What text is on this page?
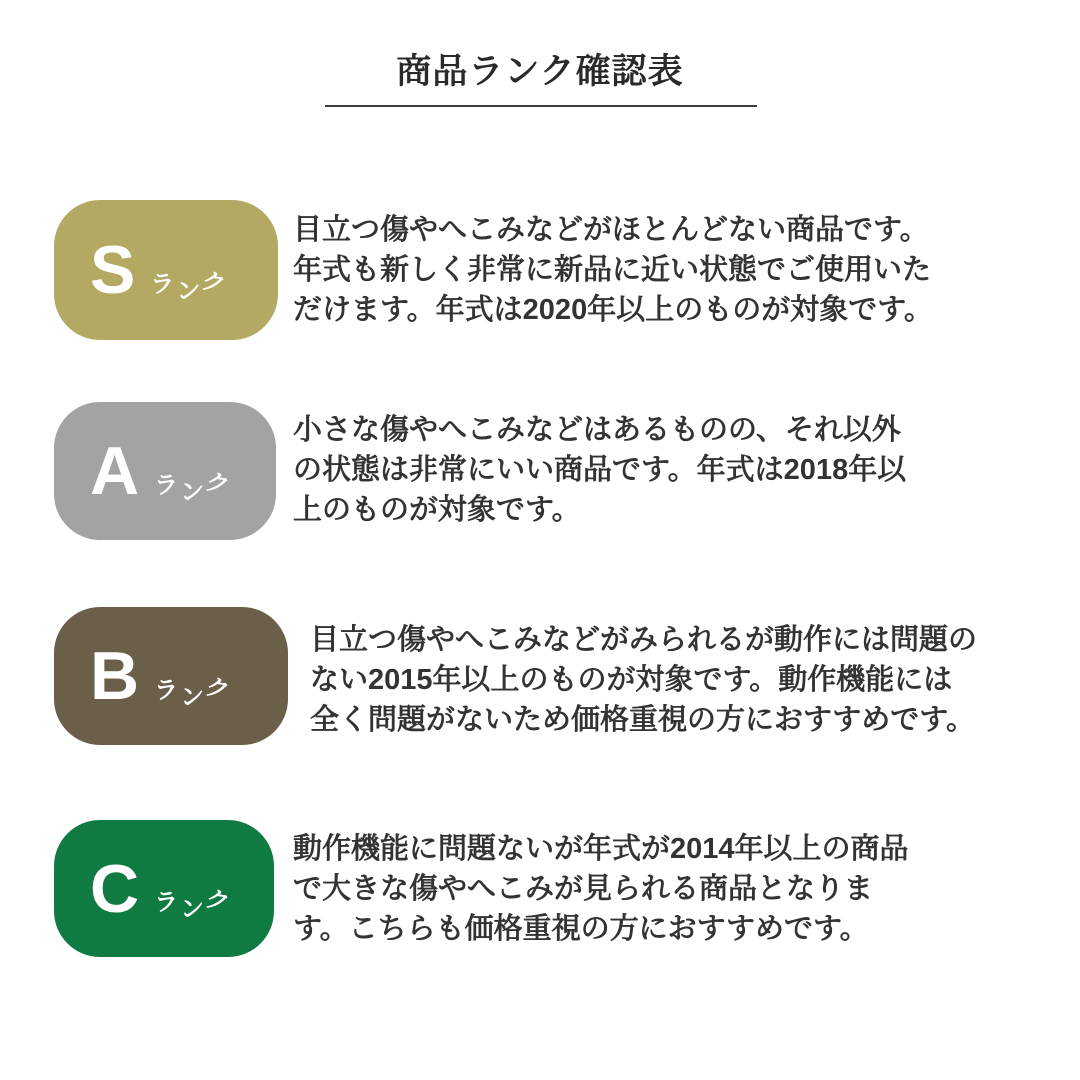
商品ランク確認表
S ラ ン
ク
目立つ傷やへこみなどがほとんどない商品です。
年式も新しく非常に新品に近い状態でご使用いた
だけます。年式は2020年以上のものが対象です。
A ラ ン
ク
小さな傷やへこみなどはあるものの、それ以外
の状態は非常にいい商品です。年式は2018年以
上のものが対象です。
B ラ ン
ク
目立つ傷やへこみなどがみられるが動作には問題の
ない2015年以上のものが対象です。動作機能には
全く問題がないため価格重視の方におすすめです。
C ラ ン
ク
動作機能に問題ないが年式が2014年以上の商品
で大きな傷やへこみが見られる商品となりま
す。こちらも価格重視の方におすすめです。
